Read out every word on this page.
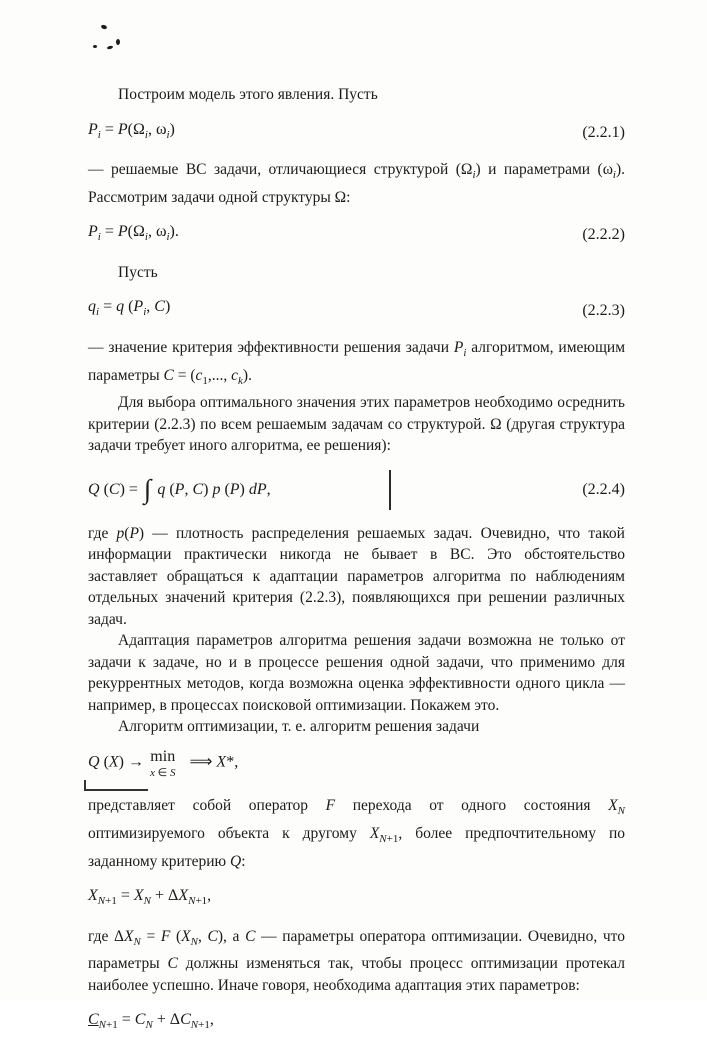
Построим модель этого явления. Пусть

$P_i = P(\Omega_i$, $\omega_i$)	(2.2.1)

— решаемые ВС задачи, отличающиеся структурой $(\Omega_i)$ и параметрами $(\omega_i)$. Рассмотрим задачи одной структуры Ω:

$P_i = P(\Omega_i$, $\omega_i$).	(2.2.2)

Пусть

$q_i = q$ ($P_i$, C)	(2.2.3)

— значение критерия эффективности решения задачи $P_i$ алгоритмом, имеющим параметры $C = (c_1$,..., $c_k$).

Для выбора оптимального значения этих параметров необходимо осреднить критерии (2.2.3) по всем решаемым задачам со структурой. Ω (другая структура задачи требует иного алгоритма, ее решения):

Q (C) = ∫ q (P, C) p (P) dP,	(2.2.4)

где p(P) — плотность распределения решаемых задач. Очевидно, что такой информации практически никогда не бывает в ВС. Это обстоятельство заставляет обращаться к адаптации параметров алгоритма по наблюдениям отдельных значений критерия (2.2.3), появляющихся при решении различных задач.

Адаптация параметров алгоритма решения задачи возможна не только от задачи к задаче, но и в процессе решения одной задачи, что применимо для рекуррентных методов, когда возможна оценка эффективности одного цикла — например, в процессах поисковой оптимизации. Покажем это.

Алгоритм оптимизации, т. е. алгоритм решения задачи

Q (X) → min
x ∈ S
⟹ X*,

представляет собой оператор F перехода от одного состояния $X_N$ оптимизируемого объекта к другому $X_{N+1}$, более предпочтительному по заданному критерию Q:

$X_{N+1} = X_N + \Delta X_{N+1}$,

где $\Delta X_N = F$ ($X_N$, C), а C — параметры оператора оптимизации. Очевидно, что параметры C должны изменяться так, чтобы процесс оптимизации протекал наиболее успешно. Иначе говоря, необходима адаптация этих параметров:

$C_{N+1} = C_N + \Delta C_{N+1}$,
